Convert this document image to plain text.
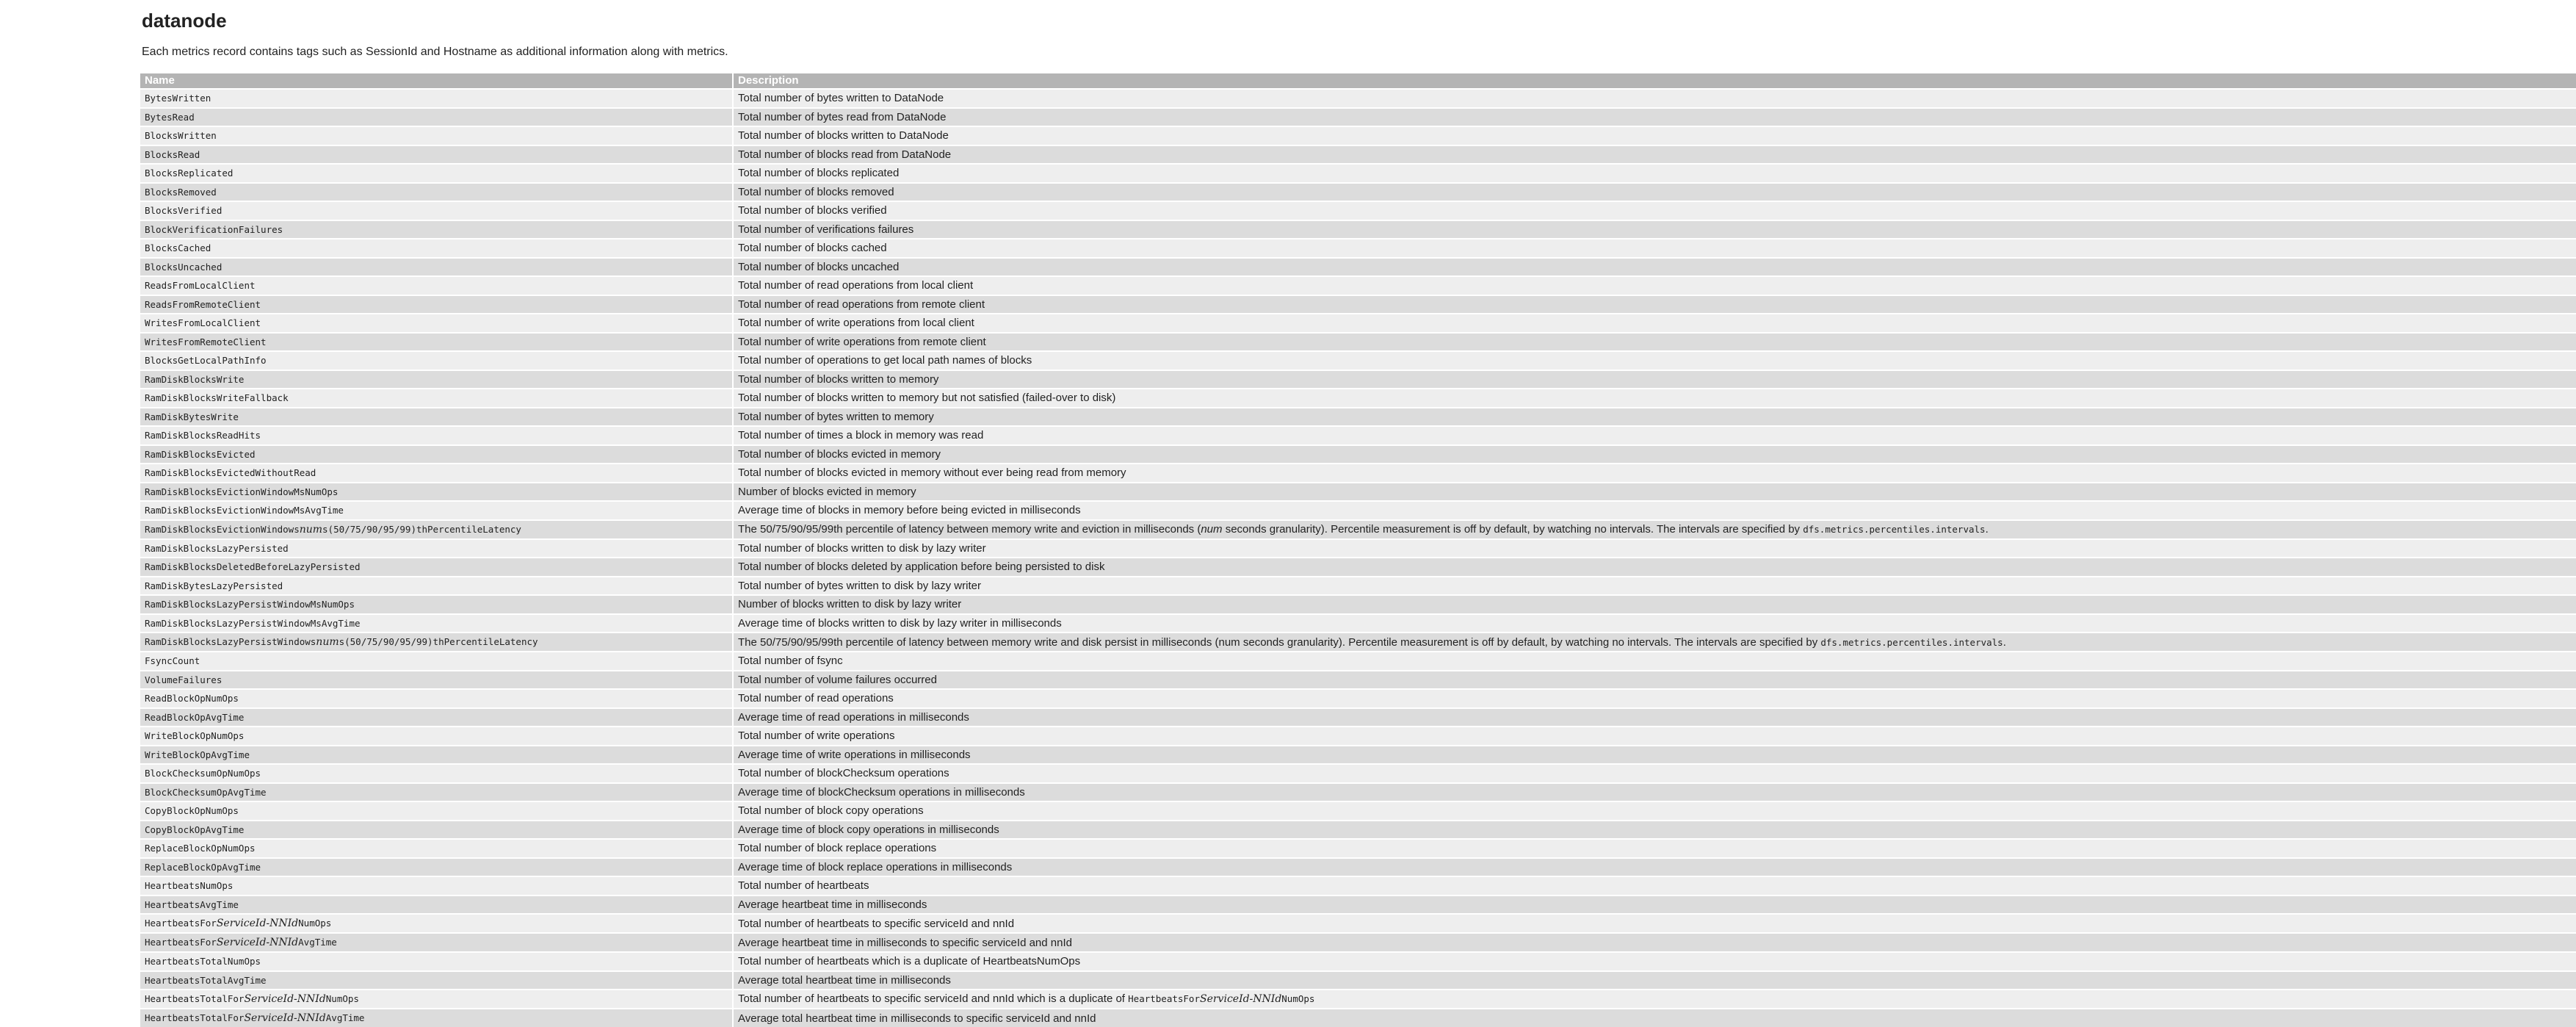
datanode

Each metrics record contains tags such as SessionId and Hostname as additional information along with metrics.

Name	Description
BytesWritten	Total number of bytes written to DataNode
BytesRead	Total number of bytes read from DataNode
BlocksWritten	Total number of blocks written to DataNode
BlocksRead	Total number of blocks read from DataNode
BlocksReplicated	Total number of blocks replicated
BlocksRemoved	Total number of blocks removed
BlocksVerified	Total number of blocks verified
BlockVerificationFailures	Total number of verifications failures
BlocksCached	Total number of blocks cached
BlocksUncached	Total number of blocks uncached
ReadsFromLocalClient	Total number of read operations from local client
ReadsFromRemoteClient	Total number of read operations from remote client
WritesFromLocalClient	Total number of write operations from local client
WritesFromRemoteClient	Total number of write operations from remote client
BlocksGetLocalPathInfo	Total number of operations to get local path names of blocks
RamDiskBlocksWrite	Total number of blocks written to memory
RamDiskBlocksWriteFallback	Total number of blocks written to memory but not satisfied (failed-over to disk)
RamDiskBytesWrite	Total number of bytes written to memory
RamDiskBlocksReadHits	Total number of times a block in memory was read
RamDiskBlocksEvicted	Total number of blocks evicted in memory
RamDiskBlocksEvictedWithoutRead	Total number of blocks evicted in memory without ever being read from memory
RamDiskBlocksEvictionWindowMsNumOps	Number of blocks evicted in memory
RamDiskBlocksEvictionWindowMsAvgTime	Average time of blocks in memory before being evicted in milliseconds
RamDiskBlocksEvictionWindowsnums(50/75/90/95/99)thPercentileLatency	The 50/75/90/95/99th percentile of latency between memory write and eviction in milliseconds (num seconds granularity). Percentile measurement is off by default, by watching no intervals. The intervals are specified by dfs.metrics.percentiles.intervals.
RamDiskBlocksLazyPersisted	Total number of blocks written to disk by lazy writer
RamDiskBlocksDeletedBeforeLazyPersisted	Total number of blocks deleted by application before being persisted to disk
RamDiskBytesLazyPersisted	Total number of bytes written to disk by lazy writer
RamDiskBlocksLazyPersistWindowMsNumOps	Number of blocks written to disk by lazy writer
RamDiskBlocksLazyPersistWindowMsAvgTime	Average time of blocks written to disk by lazy writer in milliseconds
RamDiskBlocksLazyPersistWindowsnums(50/75/90/95/99)thPercentileLatency	The 50/75/90/95/99th percentile of latency between memory write and disk persist in milliseconds (num seconds granularity). Percentile measurement is off by default, by watching no intervals. The intervals are specified by dfs.metrics.percentiles.intervals.
FsyncCount	Total number of fsync
VolumeFailures	Total number of volume failures occurred
ReadBlockOpNumOps	Total number of read operations
ReadBlockOpAvgTime	Average time of read operations in milliseconds
WriteBlockOpNumOps	Total number of write operations
WriteBlockOpAvgTime	Average time of write operations in milliseconds
BlockChecksumOpNumOps	Total number of blockChecksum operations
BlockChecksumOpAvgTime	Average time of blockChecksum operations in milliseconds
CopyBlockOpNumOps	Total number of block copy operations
CopyBlockOpAvgTime	Average time of block copy operations in milliseconds
ReplaceBlockOpNumOps	Total number of block replace operations
ReplaceBlockOpAvgTime	Average time of block replace operations in milliseconds
HeartbeatsNumOps	Total number of heartbeats
HeartbeatsAvgTime	Average heartbeat time in milliseconds
HeartbeatsForServiceId-NNIdNumOps	Total number of heartbeats to specific serviceId and nnId
HeartbeatsForServiceId-NNIdAvgTime	Average heartbeat time in milliseconds to specific serviceId and nnId
HeartbeatsTotalNumOps	Total number of heartbeats which is a duplicate of HeartbeatsNumOps
HeartbeatsTotalAvgTime	Average total heartbeat time in milliseconds
HeartbeatsTotalForServiceId-NNIdNumOps	Total number of heartbeats to specific serviceId and nnId which is a duplicate of HeartbeatsForServiceId-NNIdNumOps
HeartbeatsTotalForServiceId-NNIdAvgTime	Average total heartbeat time in milliseconds to specific serviceId and nnId
